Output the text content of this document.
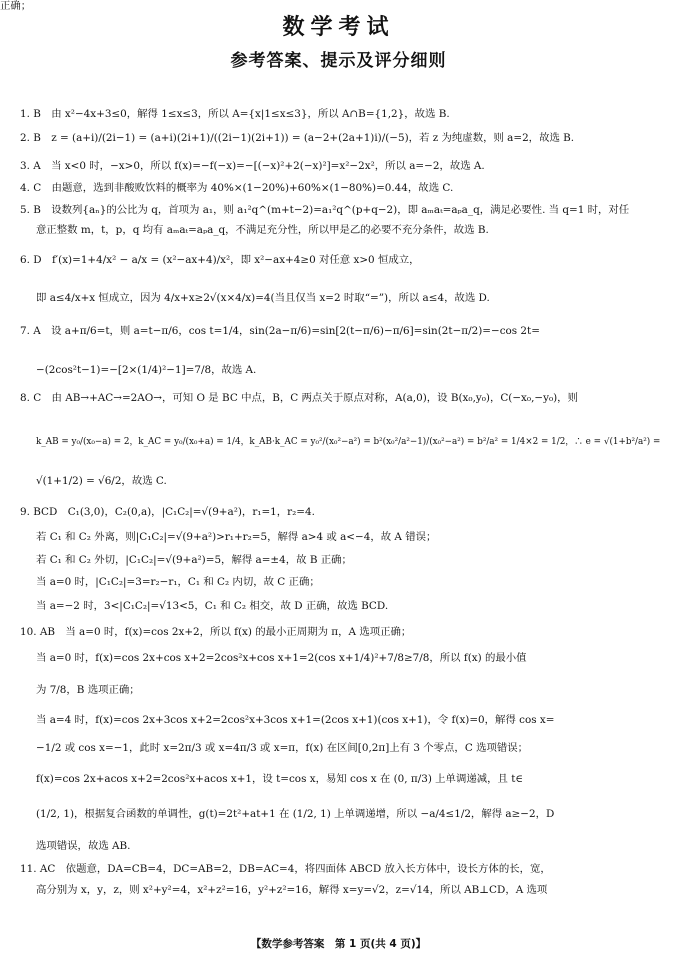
数学考试
参考答案、提示及评分细则
1. B　由 x²−4x+3≤0，解得 1≤x≤3，所以 A={x|1≤x≤3}，所以 A∩B={1,2}，故选 B.
2. B　z = (a+i)/(2i−1) = (a+i)(2i+1)/((2i−1)(2i+1)) = (a−2+(2a+1)i)/(−5)，若 z 为纯虚数，则 a=2，故选 B.
3. A　当 x<0 时，−x>0，所以 f(x)=−f(−x)=−[(−x)²+2(−x)²]=x²−2x²，所以 a=−2，故选 A.
4. C　由题意，选到非酸败饮料的概率为 40%×(1−20%)+60%×(1−80%)=0.44，故选 C.
5. B　设数列{aₙ}的公比为 q，首项为 a₁，则 a₁²q^(m+t−2)=a₁²q^(p+q−2)，即 aₘaₜ=aₚa_q，满足必要性. 当 q=1 时，对任
意正整数 m，t，p，q 均有 aₘaₜ=aₚa_q，不满足充分性，所以甲是乙的必要不充分条件，故选 B.
6. D　f′(x)=1+4/x² − a/x = (x²−ax+4)/x²，即 x²−ax+4≥0 对任意 x>0 恒成立，
即 a≤4/x+x 恒成立，因为 4/x+x≥2√(x×4/x)=4(当且仅当 x=2 时取“=”)，所以 a≤4，故选 D.
7. A　设 a+π/6=t，则 a=t−π/6，cos t=1/4，sin(2a−π/6)=sin[2(t−π/6)−π/6]=sin(2t−π/2)=−cos 2t=
−(2cos²t−1)=−[2×(1/4)²−1]=7/8，故选 A.
8. C　由 AB→+AC→=2AO→，可知 O 是 BC 中点，B，C 两点关于原点对称，A(a,0)，设 B(x₀,y₀)，C(−x₀,−y₀)，则
k_AB = y₀/(x₀−a) = 2，k_AC = y₀/(x₀+a) = 1/4，k_AB·k_AC = y₀²/(x₀²−a²) = b²(x₀²/a²−1)/(x₀²−a²) = b²/a² = 1/4×2 = 1/2，∴ e = √(1+b²/a²) =
√(1+1/2) = √6/2，故选 C.
9. BCD　C₁(3,0)，C₂(0,a)，|C₁C₂|=√(9+a²)，r₁=1，r₂=4.
若 C₁ 和 C₂ 外离，则|C₁C₂|=√(9+a²)>r₁+r₂=5，解得 a>4 或 a<−4，故 A 错误；
若 C₁ 和 C₂ 外切，|C₁C₂|=√(9+a²)=5，解得 a=±4，故 B 正确；
当 a=0 时，|C₁C₂|=3=r₂−r₁，C₁ 和 C₂ 内切，故 C 正确；
当 a=−2 时，3<|C₁C₂|=√13<5，C₁ 和 C₂ 相交，故 D 正确，故选 BCD.
10. AB　当 a=0 时，f(x)=cos 2x+2，所以 f(x) 的最小正周期为 π，A 选项正确；
当 a=0 时，f(x)=cos 2x+cos x+2=2cos²x+cos x+1=2(cos x+1/4)²+7/8≥7/8，所以 f(x) 的最小值
为 7/8，B 选项正确；
当 a=4 时，f(x)=cos 2x+3cos x+2=2cos²x+3cos x+1=(2cos x+1)(cos x+1)，令 f(x)=0，解得 cos x=
−1/2 或 cos x=−1，此时 x=2π/3 或 x=4π/3 或 x=π，f(x) 在区间[0,2π]上有 3 个零点，C 选项错误；
f(x)=cos 2x+acos x+2=2cos²x+acos x+1，设 t=cos x，易知 cos x 在 (0, π/3) 上单调递减，且 t∈
(1/2, 1)，根据复合函数的单调性，g(t)=2t²+at+1 在 (1/2, 1) 上单调递增，所以 −a/4≤1/2，解得 a≥−2，D
选项错误，故选 AB.
11. AC　依题意，DA=CB=4，DC=AB=2，DB=AC=4，将四面体 ABCD 放入长方体中，设长方体的长，宽，
高分别为 x，y，z，则 x²+y²=4，x²+z²=16，y²+z²=16，解得 x=y=√2，z=√14，所以 AB⊥CD，A 选项
正确；
【数学参考答案　第 1 页(共 4 页)】
